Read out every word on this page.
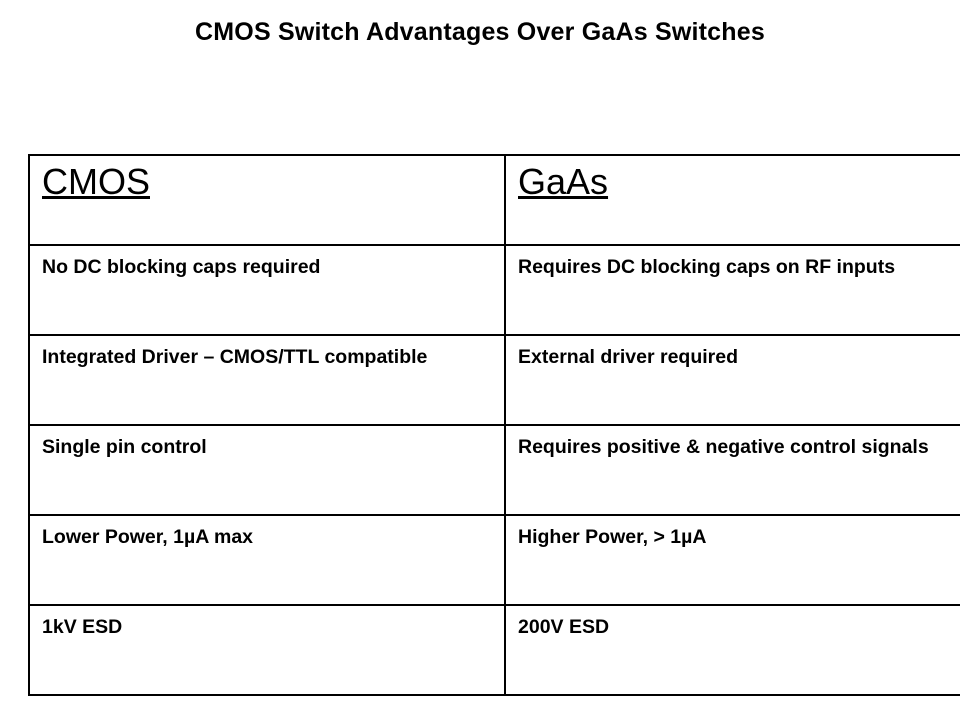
CMOS Switch Advantages Over GaAs Switches
CMOS	GaAs
No DC blocking caps required	Requires DC blocking caps on RF inputs
Integrated Driver – CMOS/TTL compatible	External driver required
Single pin control	Requires positive & negative control signals
Lower Power, 1µA max	Higher Power, > 1µA
1kV ESD	200V ESD
